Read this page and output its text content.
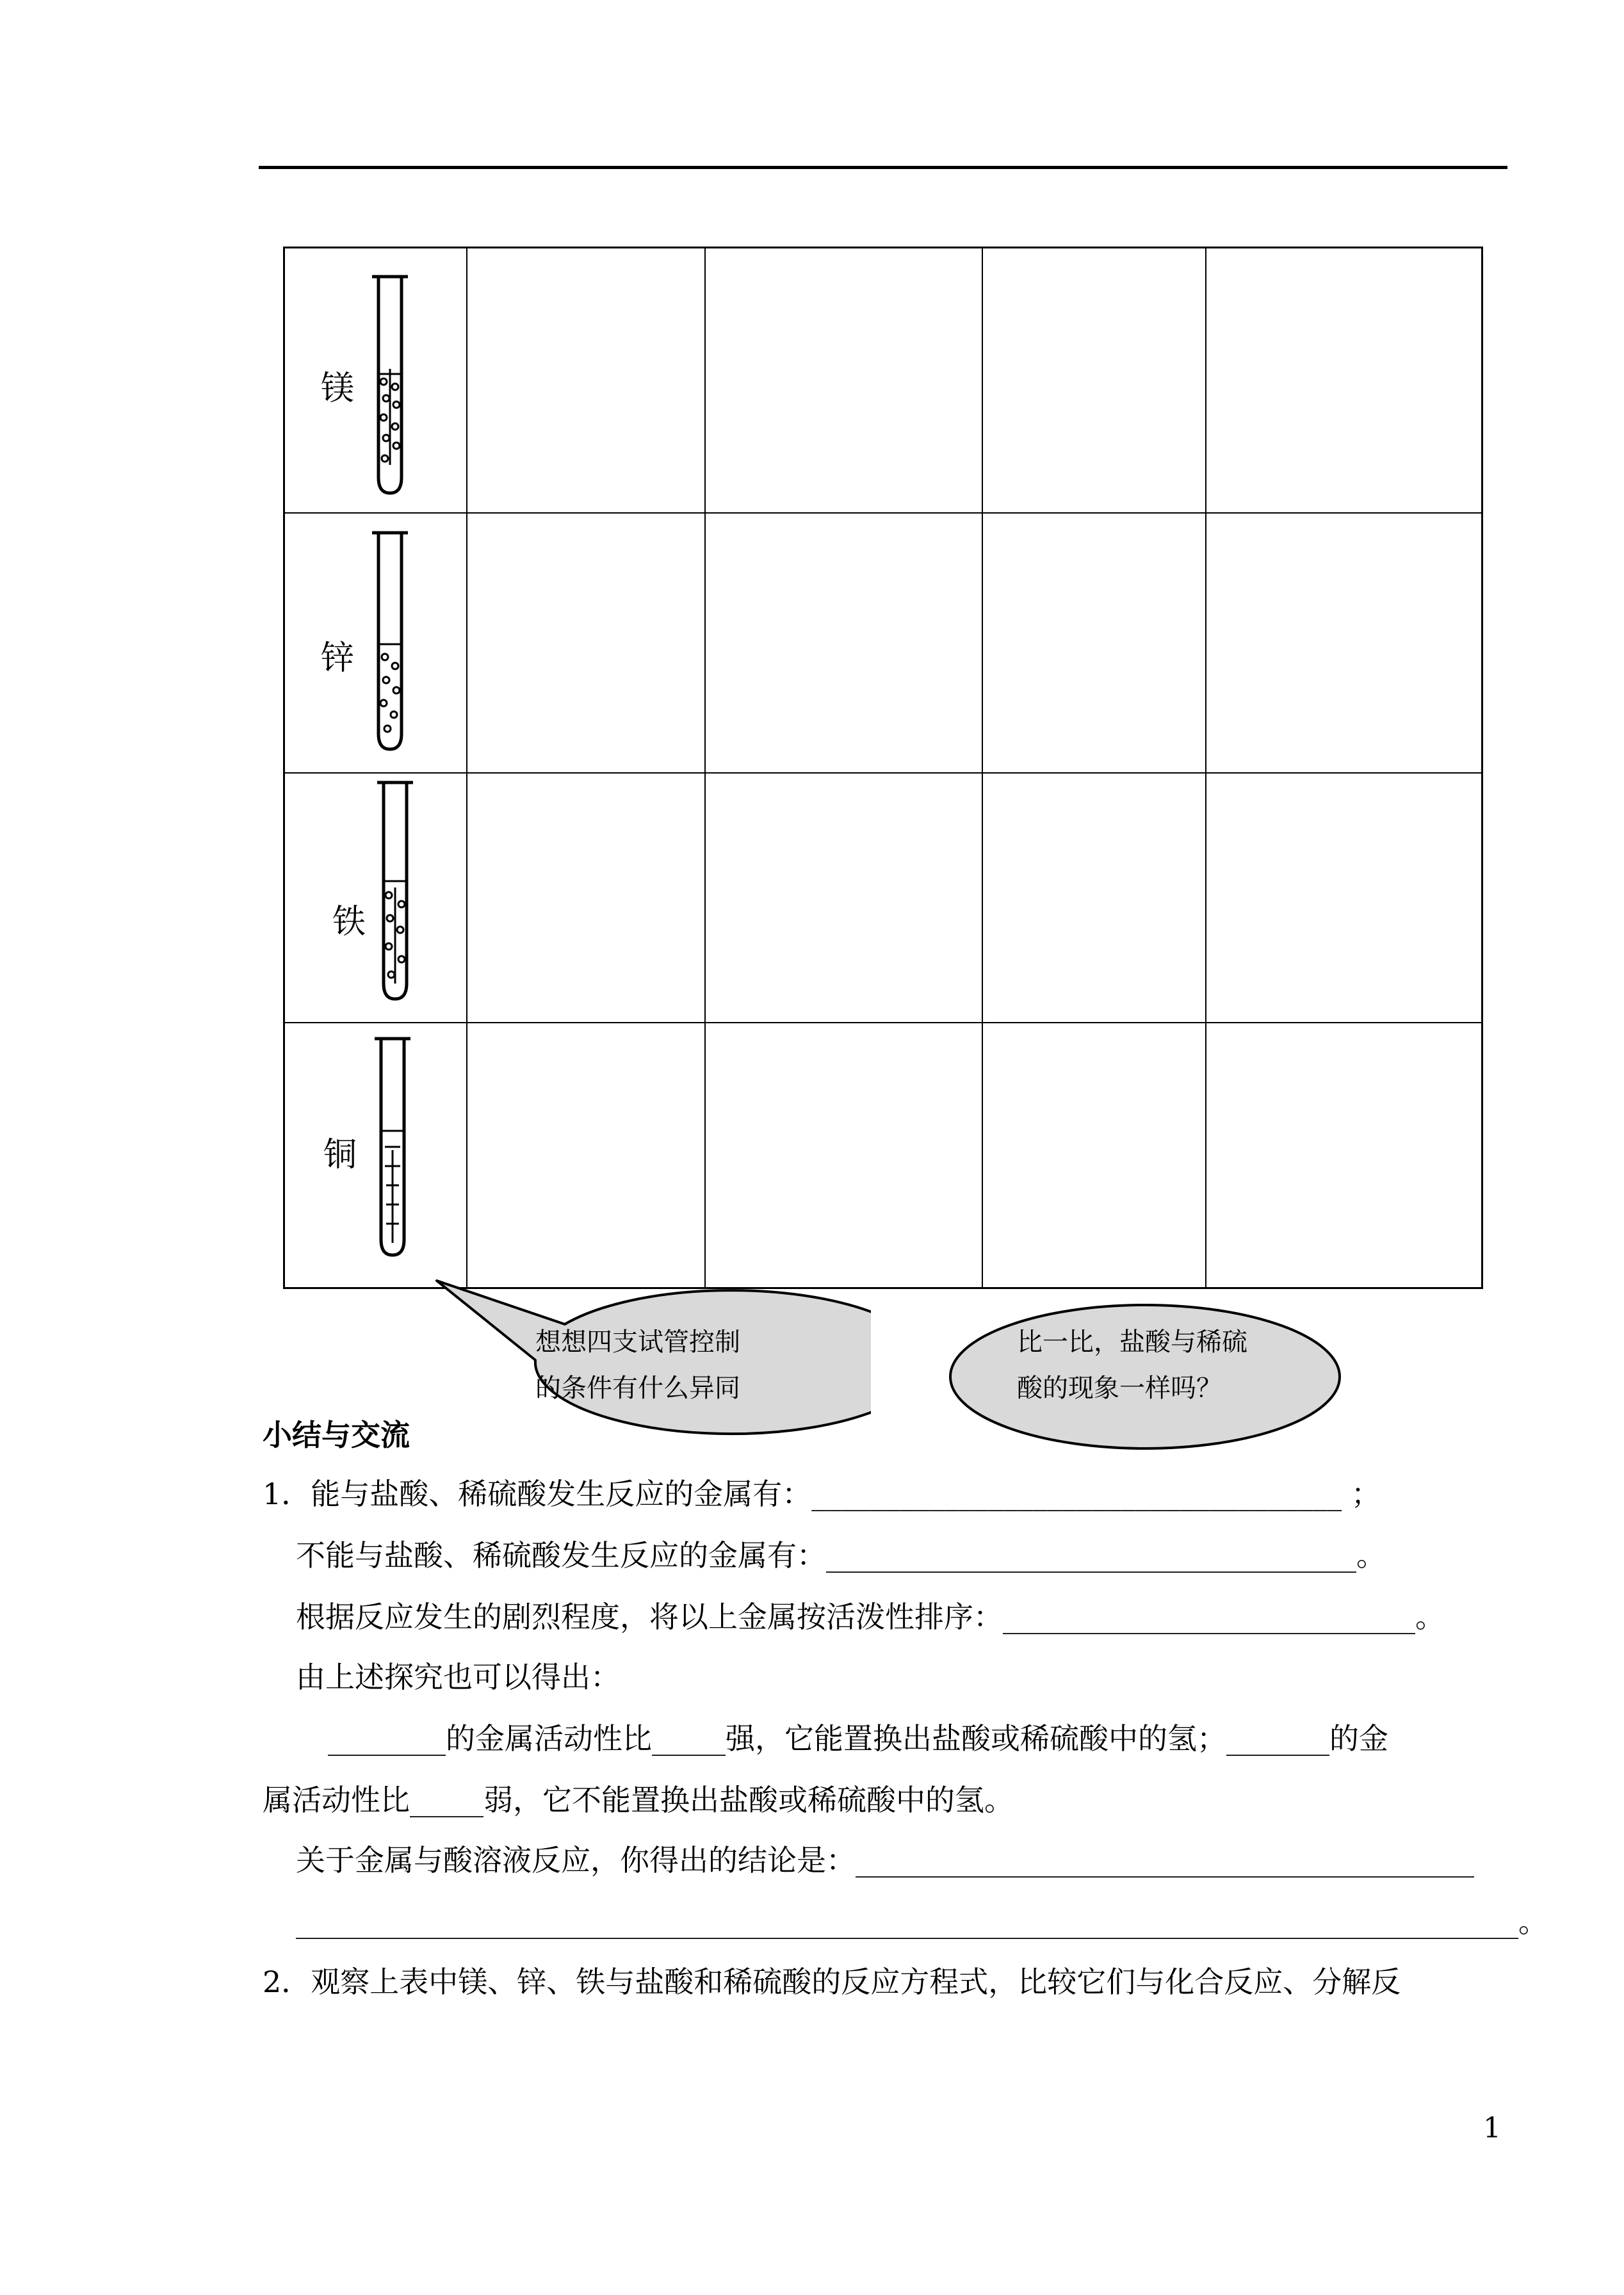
镁
锌
铁
铜
想想四支试管控制
的条件有什么异同
比一比，盐酸与稀硫
酸的现象一样吗？
小结与交流
1．能与盐酸、稀硫酸发生反应的金属有：____________________________________ ；
不能与盐酸、稀硫酸发生反应的金属有：____________________________________。
根据反应发生的剧烈程度，将以上金属按活泼性排序：____________________________。
由上述探究也可以得出：
________的金属活动性比_____强，它能置换出盐酸或稀硫酸中的氢；_______的金
属活动性比_____弱，它不能置换出盐酸或稀硫酸中的氢。
关于金属与酸溶液反应，你得出的结论是：__________________________________________
___________________________________________________________________________________。
2．观察上表中镁、锌、铁与盐酸和稀硫酸的反应方程式，比较它们与化合反应、分解反
1
